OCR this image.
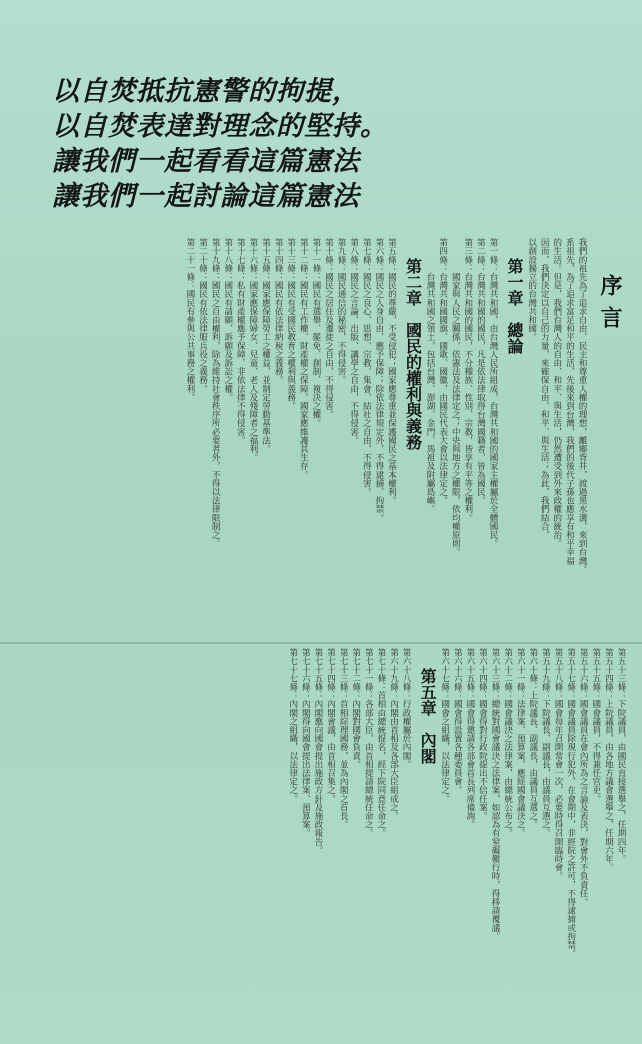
以自焚抵抗憲警的拘提，
以自焚表達對理念的堅持。
讓我們一起看看這篇憲法
讓我們一起討論這篇憲法
序言
我們的祖先為了追求自由、民主和尊重人權的理想，離鄉背井，渡過黑水溝，來到台灣。
系祖先，為了追求富足和平的生活，先後來到台灣，我們的後代子孫也應享有和平幸福
的生活。但是，我們台灣人的自由、和平、與生活，仍然遭受到外來政權的統治。
因而，我們決定以自己的力量，來確保自由、和平、與生活；為此，我們結合，
以創設獨立的台灣共和國。
第一章　總論
第一條：台灣共和國，由台灣人民所組成，台灣共和國的國家主權屬於全體國民。
第二條：台灣共和國的國民，凡是依法律取得台灣國籍者，皆為國民。
第三條：台灣共和國的國民，不分種族、性別、宗教，皆享有平等之權利。
　　　　國家與人民之關係，依憲法及法律定之；中央與地方之權限，依均權原則。
第四條：台灣共和國國旗、國歌、國徽，由國民代表大會以法律定之。
　　　　台灣共和國之領土，包括台灣、澎湖、金門、馬祖及附屬島嶼。
第二章　國民的權利與義務
第五條：國民的尊嚴，不受侵犯；國家應尊重並保護國民之基本權利。
第六條：國民之人身自由，應予保障；除依法律規定外，不得逮捕、拘禁。
第七條：國民之良心、思想、宗教、集會、結社之自由，不得侵害。
第八條：國民之言論、出版、講學之自由，不得侵害。
第九條：國民通信的秘密，不得侵害。
第十條：國民之居住及遷徙之自由，不得侵害。
第十一條：國民有選舉、罷免、創制、複決之權。
第十二條：國民有工作權、財產權之保障，國家應維護其生存。
第十三條：國民有受國民教育之權利與義務。
第十四條：國民有依法律納稅之義務。
第十五條：國家應保障勞工之權益，並制定勞動基準法。
第十六條：國家應保障婦女、兒童、老人及殘障者之福利。
第十七條：私有財產權應予保障，非依法律不得侵害。
第十八條：國民有請願、訴願及訴訟之權。
第十九條：國民之自由權利，除為維持社會秩序所必要者外，不得以法律限制之。
第二十條：國民有依法律服兵役之義務。
第二十一條：國民有參與公共事務之權利。
第五十三條：下院議員，由國民直接選舉之，任期四年。
第五十四條：上院議員，由各地方議會選舉之，任期六年。
第五十五條：國會議員，不得兼任官吏。
第五十六條：國會議員在會內所為之言論及表決，對會外不負責任。
第五十七條：國會議員除現行犯外，在會期中，非經院之許可，不得逮捕或拘禁。
第五十八條：國會每年召開常會一次，必要時得召開臨時會。
第五十九條：下院議長、副議長，由議員互選之。
第六十條：上院議長、副議長，由議員互選之。
第六十一條：法律案、預算案，應經國會議決之。
第六十二條：國會議決之法律案，由總統公布之。
第六十三條：總統對國會議決之法律案，如認為有窒礙難行時，得移請覆議。
第六十四條：國會得對行政院提出不信任案。
第六十五條：國會得邀請各部會首長列席備詢。
第六十六條：國會得設置各種委員會。
第六十七條：國會之組織，以法律定之。
第五章　內閣
第六十八條：行政權屬於內閣。
第六十九條：內閣由首相及各部大臣組成之。
第七十條：首相由總統提名，經下院同意任命之。
第七十一條：各部大臣，由首相提請總統任命之。
第七十二條：內閣對國會負責。
第七十三條：首相綜理國務，並為內閣之首長。
第七十四條：內閣會議，由首相召集之。
第七十五條：內閣應向國會提出施政方針及施政報告。
第七十六條：內閣得向國會提出法律案、預算案。
第七十七條：內閣之組織，以法律定之。
